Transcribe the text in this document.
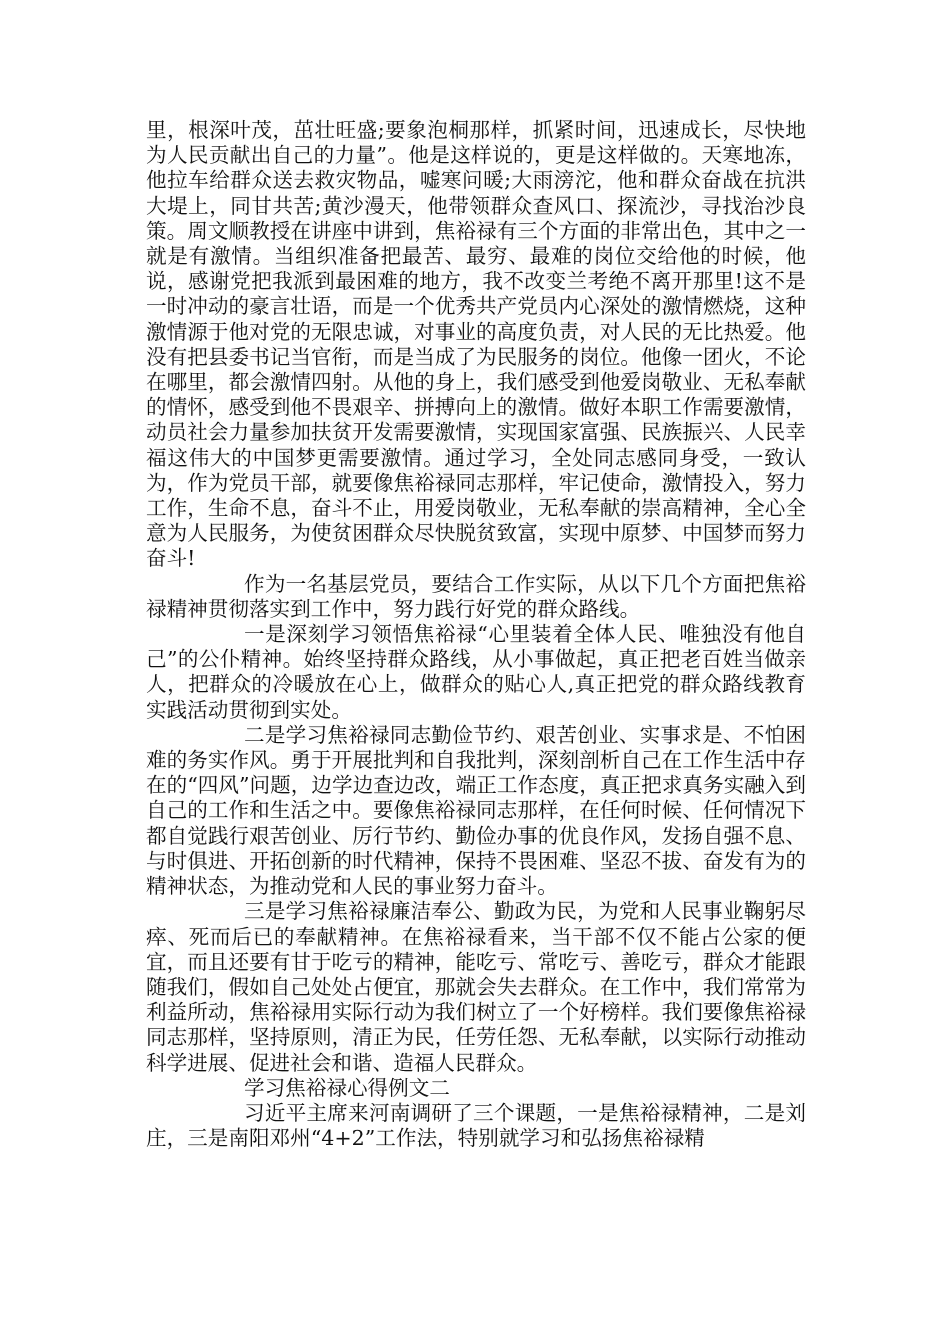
里，根深叶茂，茁壮旺盛;要象泡桐那样，抓紧时间，迅速成长，尽快地为人民贡献出自己的力量”。他是这样说的，更是这样做的。天寒地冻，他拉车给群众送去救灾物品，嘘寒问暖;大雨滂沱，他和群众奋战在抗洪大堤上，同甘共苦;黄沙漫天，他带领群众查风口、探流沙，寻找治沙良策。周文顺教授在讲座中讲到，焦裕禄有三个方面的非常出色，其中之一就是有激情。当组织准备把最苦、最穷、最难的岗位交给他的时候，他说，感谢党把我派到最困难的地方，我不改变兰考绝不离开那里!这不是一时冲动的豪言壮语，而是一个优秀共产党员内心深处的激情燃烧，这种激情源于他对党的无限忠诚，对事业的高度负责，对人民的无比热爱。他没有把县委书记当官衔，而是当成了为民服务的岗位。他像一团火，不论在哪里，都会激情四射。从他的身上，我们感受到他爱岗敬业、无私奉献的情怀，感受到他不畏艰辛、拼搏向上的激情。做好本职工作需要激情，动员社会力量参加扶贫开发需要激情，实现国家富强、民族振兴、人民幸福这伟大的中国梦更需要激情。通过学习，全处同志感同身受，一致认为，作为党员干部，就要像焦裕禄同志那样，牢记使命，激情投入，努力工作，生命不息，奋斗不止，用爱岗敬业，无私奉献的崇高精神，全心全意为人民服务，为使贫困群众尽快脱贫致富，实现中原梦、中国梦而努力奋斗!

作为一名基层党员，要结合工作实际，从以下几个方面把焦裕禄精神贯彻落实到工作中，努力践行好党的群众路线。

一是深刻学习领悟焦裕禄“心里装着全体人民、唯独没有他自己”的公仆精神。始终坚持群众路线，从小事做起，真正把老百姓当做亲人，把群众的冷暖放在心上，做群众的贴心人,真正把党的群众路线教育实践活动贯彻到实处。

二是学习焦裕禄同志勤俭节约、艰苦创业、实事求是、不怕困难的务实作风。勇于开展批判和自我批判，深刻剖析自己在工作生活中存在的“四风”问题，边学边查边改，端正工作态度，真正把求真务实融入到自己的工作和生活之中。要像焦裕禄同志那样，在任何时候、任何情况下都自觉践行艰苦创业、厉行节约、勤俭办事的优良作风，发扬自强不息、与时俱进、开拓创新的时代精神，保持不畏困难、坚忍不拔、奋发有为的精神状态，为推动党和人民的事业努力奋斗。

三是学习焦裕禄廉洁奉公、勤政为民，为党和人民事业鞠躬尽瘁、死而后已的奉献精神。在焦裕禄看来，当干部不仅不能占公家的便宜，而且还要有甘于吃亏的精神，能吃亏、常吃亏、善吃亏，群众才能跟随我们，假如自己处处占便宜，那就会失去群众。在工作中，我们常常为利益所动，焦裕禄用实际行动为我们树立了一个好榜样。我们要像焦裕禄同志那样，坚持原则，清正为民，任劳任怨、无私奉献，以实际行动推动科学进展、促进社会和谐、造福人民群众。

学习焦裕禄心得例文二

习近平主席来河南调研了三个课题，一是焦裕禄精神，二是刘庄，三是南阳邓州“4+2”工作法，特别就学习和弘扬焦裕禄精
